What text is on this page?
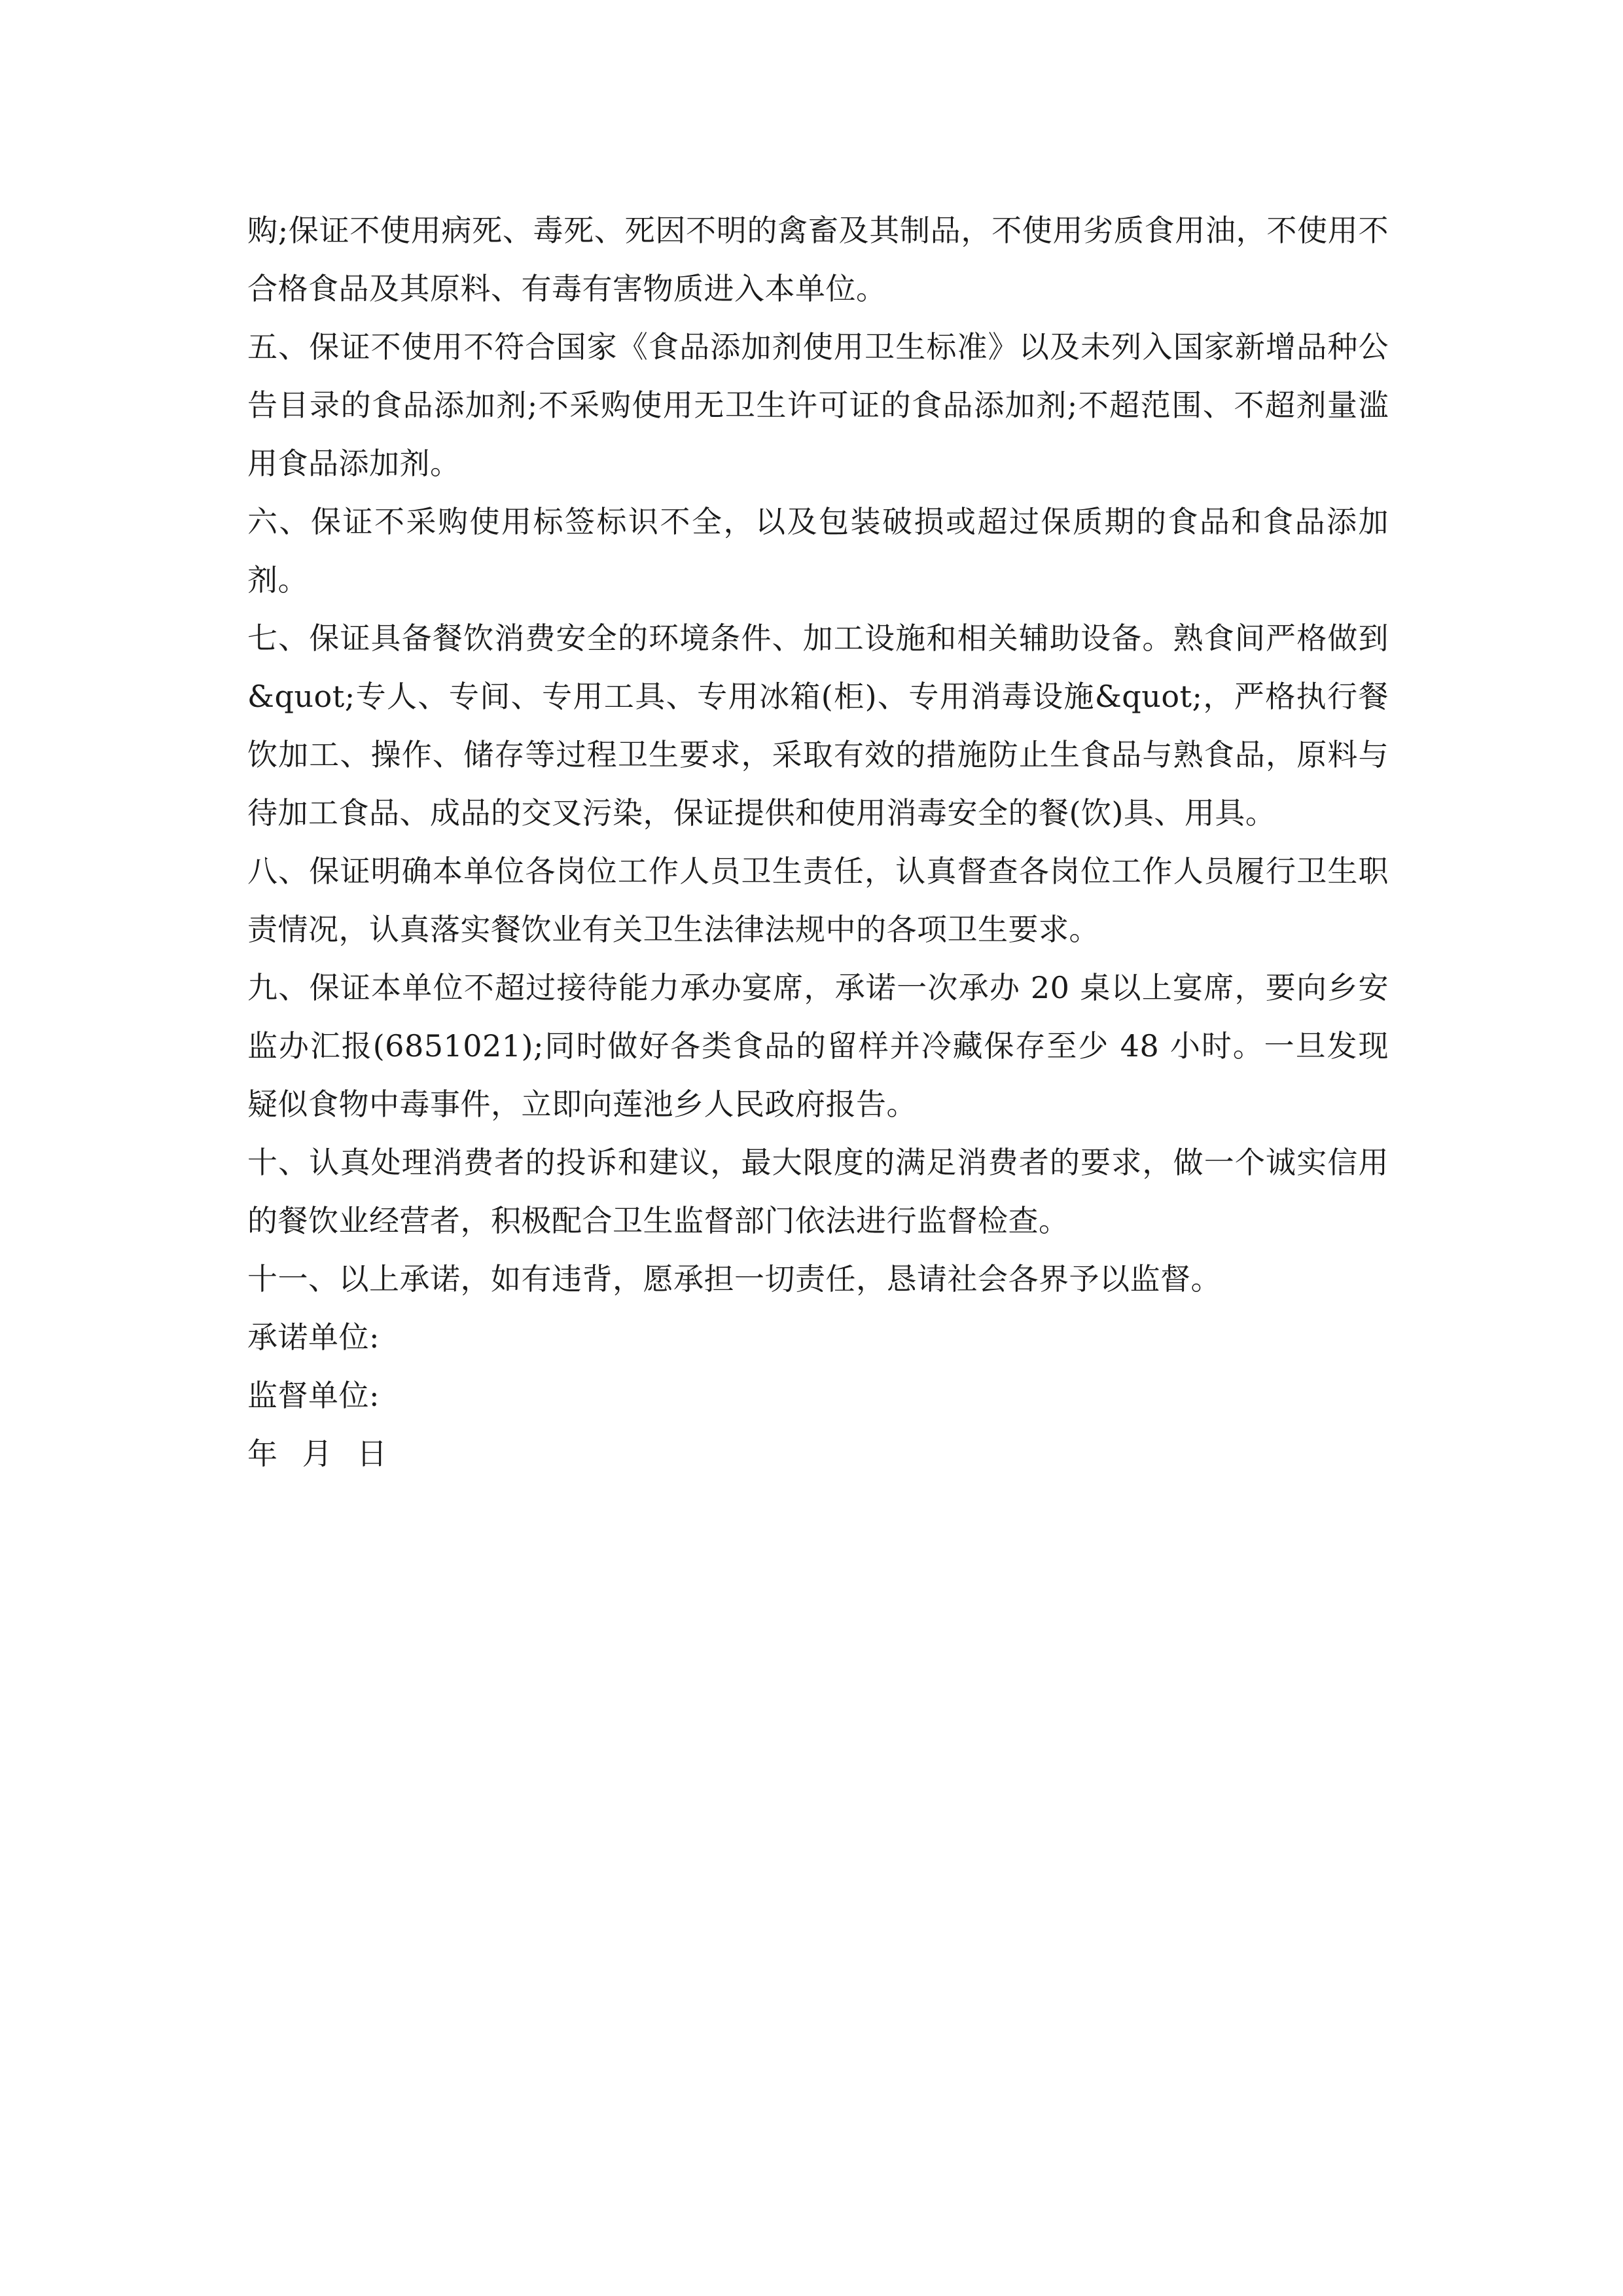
购;保证不使用病死、毒死、死因不明的禽畜及其制品，不使用劣质食用油，不使用不合格食品及其原料、有毒有害物质进入本单位。

五、保证不使用不符合国家《食品添加剂使用卫生标准》以及未列入国家新增品种公告目录的食品添加剂;不采购使用无卫生许可证的食品添加剂;不超范围、不超剂量滥用食品添加剂。

六、保证不采购使用标签标识不全，以及包装破损或超过保质期的食品和食品添加剂。

七、保证具备餐饮消费安全的环境条件、加工设施和相关辅助设备。熟食间严格做到&quot;专人、专间、专用工具、专用冰箱(柜)、专用消毒设施&quot;，严格执行餐饮加工、操作、储存等过程卫生要求，采取有效的措施防止生食品与熟食品，原料与待加工食品、成品的交叉污染，保证提供和使用消毒安全的餐(饮)具、用具。

八、保证明确本单位各岗位工作人员卫生责任，认真督查各岗位工作人员履行卫生职责情况，认真落实餐饮业有关卫生法律法规中的各项卫生要求。

九、保证本单位不超过接待能力承办宴席，承诺一次承办 20 桌以上宴席，要向乡安监办汇报(6851021);同时做好各类食品的留样并冷藏保存至少 48 小时。一旦发现疑似食物中毒事件，立即向莲池乡人民政府报告。

十、认真处理消费者的投诉和建议，最大限度的满足消费者的要求，做一个诚实信用的餐饮业经营者，积极配合卫生监督部门依法进行监督检查。

十一、以上承诺，如有违背，愿承担一切责任，恳请社会各界予以监督。

承诺单位:

监督单位:

年 月 日
